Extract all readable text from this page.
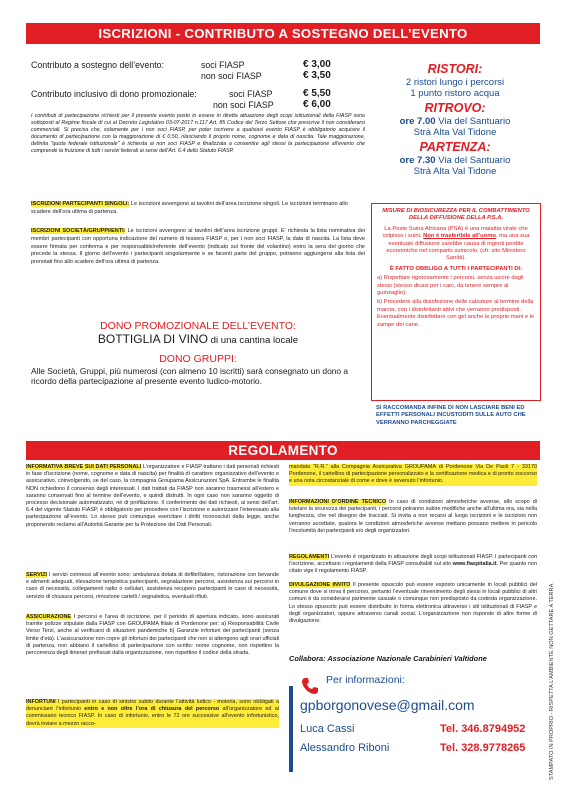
ISCRIZIONI - CONTRIBUTO A SOSTEGNO DELL’EVENTO
Contributo a sostegno dell’evento:	soci FIASP	€ 3,00
non soci FIASP	€ 3,50
Contributo inclusivo di dono promozionale:	soci FIASP	€ 5,50
non soci FIASP	€ 6,00
I contributi di partecipazione richiesti per il presente evento posto in essere in diretta attuazione degli scopi istituzionali della FIASP sono sottoposti al Regime fiscale di cui al Decreto Legislativo 03-07-2017 n.117 Art. 85 Codice del Terzo Settore che prescrive il non considerarsi commerciali. Si precisa che, solamente per i non soci FIASP, per poter iscrivere a qualsiasi evento FIASP è obbligatorio acquisire il documento di partecipazione con la maggiorazione di € 0,50, rilasciando il proprio nome, cognome e data di nascita. Tale maggiorazione, definita "quota federale istituzionale" è richiesta ai non soci FIASP e finalizzata a consentire agli stessi la partecipazione all'evento che comprende la fruizione di tutti i servizi federali ai sensi dell'Art. 6.4 dello Statuto FIASP.
ISCRIZIONI PARTECIPANTI SINGOLI: Le iscrizioni avvengono ai tavolini dell’area iscrizione singoli. Le iscrizioni terminano allo scadere dell’ora ultima di partenza.
ISCRIZIONI SOCIETÀ/GRUPPI/ENTI: Le iscrizioni avvengono ai tavolini dell’area iscrizione gruppi. E’ richiesta la lista nominativa dei membri partecipanti con opportuna indicazione del numero di tessera FIASP o, per i non soci FIASP, la data di nascita. La lista deve essere firmata per conferma e per responsabile/referente dell’evento (indicato sul fronte del volantino) entro la sera del giorno che precede la stessa. Il giorno dell’evento i partecipanti singolarmente e se facenti parte del gruppo, potranno aggiungersi alla lista dei prenotati fino allo scadere dell’ora ultima di partenza.
DONO PROMOZIONALE DELL’EVENTO:
BOTTIGLIA DI VINO di una cantina locale
DONO GRUPPI:
Alle Società, Gruppi, più numerosi (con almeno 10 iscritti) sarà consegnato un dono a ricordo della partecipazione al presente evento ludico-motorio.
RISTORI:
2 ristori lungo i percorsi
1 punto ristoro acqua
RITROVO:
ore 7.00 Via del Santuario
Strà Alta Val Tidone
PARTENZA:
ore 7.30 Via del Santuario
Strà Alta Val Tidone
MISURE DI BIOSICUREZZA PER IL COMBATTIMENTO DELLA DIFFUSIONE DELLA P.S.A.
La Peste Suina Africana (PSA) è una malattia virale che colpisce i suini. Non è trasferibile all’uomo, ma una sua eventuale diffusione sarebbe causa di ingenti perdite economiche nel comparto suinicolo. (cfr. sito Ministero Sanità).
È FATTO OBBLIGO A TUTTI I PARTECIPANTI DI:
a) Rispettare rigorosamente i percorsi, senza uscire dagli stessi (stesso dicasi per i cani, da tenere sempre al guinzaglio);
b) Procedere alla disinfezione delle calzature al termine della marcia, con i disinfettanti attivi che verranno predisposti. Eventualmente disinfettare con gel anche le proprie mani e le zampe del cane.
SI RACCOMANDA INFINE DI NON LASCIARE BENI ED EFFETTI PERSONALI INCUSTODITI SULLE AUTO CHE VERRANNO PARCHEGGIATE
REGOLAMENTO
INFORMATIVA BREVE SUI DATI PERSONALI L’organizzatore e FIASP trattano i dati personali richiesti in fase d’iscrizione (nome, cognome e data di nascita) per finalità di carattere organizzativo dell’evento e assicurativo, coinvolgendo, se del caso, la compagnia Groupama Assicurazioni SpA. Entrambe le finalità NON richiedono il consenso degli interessati. I dati trattati da FIASP non saranno trasmessi all’estero e saranno conservati fino al termine dell’evento, e quindi distrutti. In ogni caso non saranno oggetto di processo decisionale automatizzato, né di profilazione. Il conferimento dei dati richiesti, ai sensi dell’art. 6.4 del vigente Statuto FIASP, è obbligatorio per procedere con l’iscrizione e autorizzare l’interessato alla partecipazione all’evento. Lo stesso può comunque esercitare i diritti riconosciuti dalla legge, anche proponendo reclamo all’Autorità Garante per la Protezione dei Dati Personali.
SERVIZI I servizi connessi all’evento sono: ambulanza dotata di defibrillatore, ristorazione con bevande e alimenti adeguati, rilevazione tempistica partecipanti, segnalazione percorsi, assistenza sui percorsi in caso di necessità, collegamenti radio o cellulari, assistenza recupero partecipanti in caso di necessità, servizio di chiusura percorsi, rimozione cartelli / segnaletica, eventuali rifiuti.
ASSICURAZIONE I percorsi e l’area di iscrizione, per il periodo di apertura indicato, sono assicurati tramite polizze stipulate dalla FIASP con GROUPAMA filiale di Pordenone per: a) Responsabilità Civile Verso Terzi, anche al verificarsi di situazioni pandemiche b) Garanzie infortuni dei partecipanti (senza limite d’età). L’assicurazione non copre gli infortuni dei partecipanti che non si attengono agli orari ufficiali di partenza, non abbiano il cartellino di partecipazione con scritto: nome cognome, non rispettino la percorrenza degli itinerari prefissati dalla organizzazione, non rispettino il codice della strada.
INFORTUNI I partecipanti in caso di sinistro subito durante l’attività ludico - motoria, sono obbligati a denunciare l’infortunio entro e non oltre l’ora di chiusura del percorso all’organizzatore ed al commissario tecnico FIASP. In caso di infortunio, entro le 72 ore successive all’evento infortunistico, dovrà inviare a mezzo racco-
mandata “R.R.” alla Compagnia Assicurativa GROUPAMA di Pordenone Via De Paoli 7 - 33170 Pordenone, il cartellino di partecipazione personalizzato e la certificazione medica e di pronto soccorso e una nota circostanziale di come e dove è avvenuto l’infortunio.
INFORMAZIONI D’ORDINE TECNICO In caso di condizioni atmosferiche avverse, allo scopo di tutelare la sicurezza dei partecipanti, i percorsi potranno subire modifiche anche all’ultima ora, sia nella lunghezza, che nel disegno dei tracciati. Si invita a non recarsi al luogo iscrizioni e le iscrizioni non verranno accettate, qualora le condizioni atmosferiche avverse mettano possano mettere in pericolo l’incolumità dei partecipanti e/o degli organizzatori.
REGOLAMENTI L’evento è organizzato in attuazione degli scopi istituzionali FIASP. I partecipanti con l’iscrizione, accettano i regolamenti della FIASP consultabili sul sito www.fiaspitalia.it. Per quanto non citato vige il regolamento FIASP.
DIVULGAZIONE INVITO Il presente opuscolo può essere esposto unicamente in locali pubblici del comune dove si trova il percorso, pertanto l’eventuale rinvenimento degli stessi in locali pubblici di altri comuni è da considerarsi parimente casuale o comunque non predisposto da codesta organizzazione. Lo stesso opuscolo può essere distribuito in forma elettronica attraverso i siti istituzionali di FIASP e degli organizzatori, oppure attraverso canali social. L’organizzazione non risponde di altre forme di divulgazione.
Collabora: Associazione Nazionale Carabinieri Valtidone
Per informazioni:
gpborgonovese@gmail.com
Luca Cassi	Tel. 346.8794952
Alessandro Riboni	Tel. 328.9778265	STAMPATO IN PROPRIO - RISPETTA L’AMBIENTE NON GETTARE A TERRA
